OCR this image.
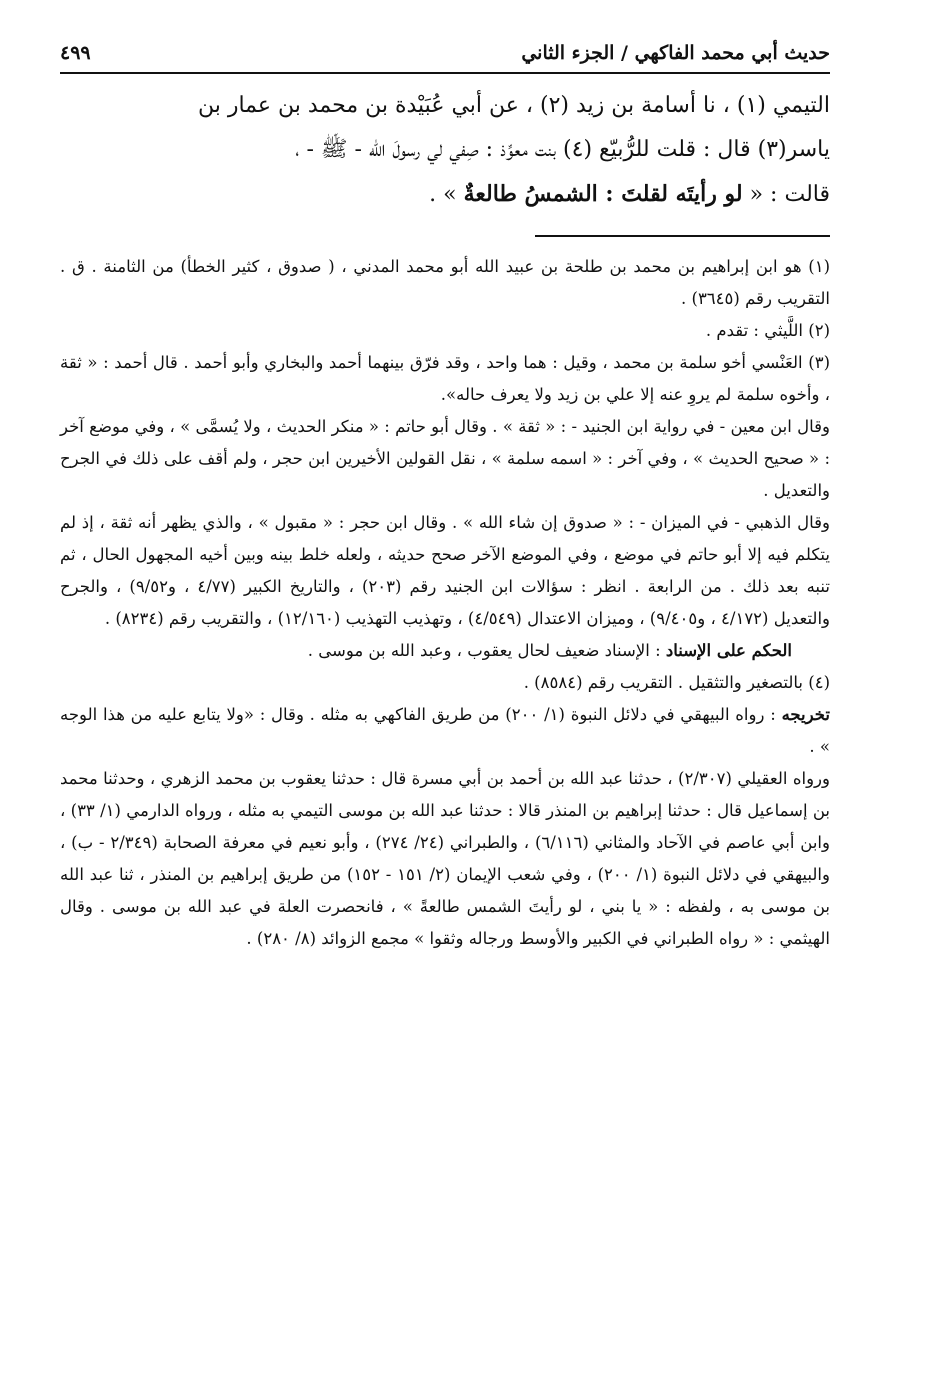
حديث أبي محمد الفاكهي / الجزء الثاني
٤٩٩

التيمي (١) ، نا أسامة بن زيد (٢) ، عن أبي عُبَيْدة بن محمد بن عمار بن

ياسر(٣) قال : قلت للرُّبيّع (٤) بنت معوِّذ : صِفي لي رسولَ الله - ﷺ - ،

قالت : « لو رأيتَه لقلتَ : الشمسُ طالعةٌ » .

(١) هو ابن إبراهيم بن محمد بن طلحة بن عبيد الله أبو محمد المدني ، ( صدوق ، كثير الخطأ) من الثامنة . ق . التقريب رقم (٣٦٤٥) .

(٢) اللَّيثي : تقدم .

(٣) العَنْسي أخو سلمة بن محمد ، وقيل : هما واحد ، وقد فرّق بينهما أحمد والبخاري وأبو أحمد . قال أحمد : « ثقة ، وأخوه سلمة لم يروِ عنه إلا علي بن زيد ولا يعرف حاله».

وقال ابن معين - في رواية ابن الجنيد - : « ثقة » . وقال أبو حاتم : « منكر الحديث ، ولا يُسمَّى » ، وفي موضع آخر : « صحيح الحديث » ، وفي آخر : « اسمه سلمة » ، نقل القولين الأخيرين ابن حجر ، ولم أقف على ذلك في الجرح والتعديل .

وقال الذهبي - في الميزان - : « صدوق إن شاء الله » . وقال ابن حجر : « مقبول » ، والذي يظهر أنه ثقة ، إذ لم يتكلم فيه إلا أبو حاتم في موضع ، وفي الموضع الآخر صحح حديثه ، ولعله خلط بينه وبين أخيه المجهول الحال ، ثم تنبه بعد ذلك . من الرابعة . انظر : سؤالات ابن الجنيد رقم (٢٠٣) ، والتاريخ الكبير (٤/٧٧ ، و٩/٥٢) ، والجرح والتعديل (٤/١٧٢ ، و٩/٤٠٥) ، وميزان الاعتدال (٤/٥٤٩) ، وتهذيب التهذيب (١٢/١٦٠) ، والتقريب رقم (٨٢٣٤) .

الحكم على الإسناد : الإسناد ضعيف لحال يعقوب ، وعبد الله بن موسى .

(٤) بالتصغير والتثقيل . التقريب رقم (٨٥٨٤) .

تخريجه : رواه البيهقي في دلائل النبوة (١/ ٢٠٠) من طريق الفاكهي به مثله . وقال : «ولا يتابع عليه من هذا الوجه » .

ورواه العقيلي (٢/٣٠٧) ، حدثنا عبد الله بن أحمد بن أبي مسرة قال : حدثنا يعقوب بن محمد الزهري ، وحدثنا محمد بن إسماعيل قال : حدثنا إبراهيم بن المنذر قالا : حدثنا عبد الله بن موسى التيمي به مثله ، ورواه الدارمي (١/ ٣٣) ، وابن أبي عاصم في الآحاد والمثاني (٦/١١٦) ، والطبراني (٢٤/ ٢٧٤) ، وأبو نعيم في معرفة الصحابة (٢/٣٤٩ - ب) ، والبيهقي في دلائل النبوة (١/ ٢٠٠) ، وفي شعب الإيمان (٢/ ١٥١ - ١٥٢) من طريق إبراهيم بن المنذر ، ثنا عبد الله بن موسى به ، ولفظه : « يا بني ، لو رأيتَ الشمس طالعةً » ، فانحصرت العلة في عبد الله بن موسى . وقال الهيثمي : « رواه الطبراني في الكبير والأوسط ورجاله وثقوا » مجمع الزوائد (٨/ ٢٨٠) .
